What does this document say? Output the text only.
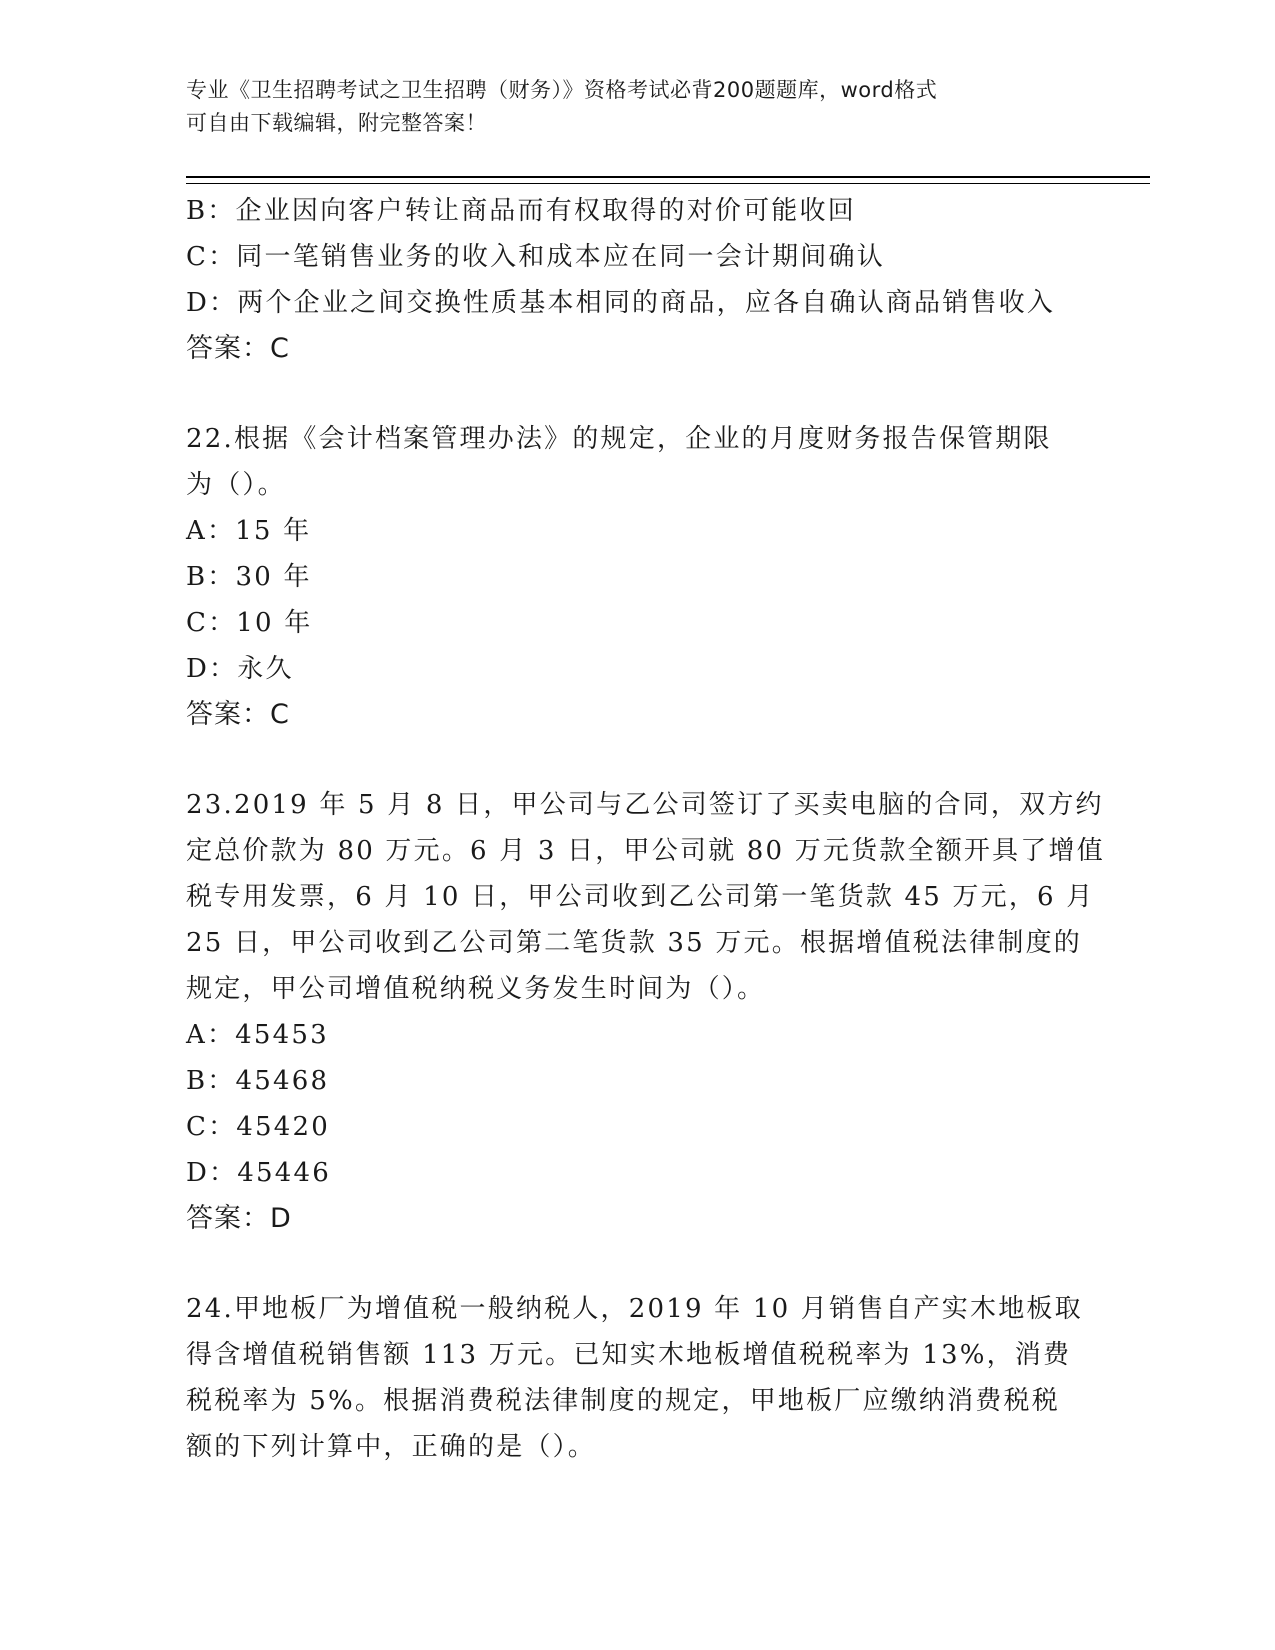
专业《卫生招聘考试之卫生招聘（财务）》资格考试必背200题题库，word格式
可自由下载编辑，附完整答案！
B：企业因向客户转让商品而有权取得的对价可能收回
C：同一笔销售业务的收入和成本应在同一会计期间确认
D：两个企业之间交换性质基本相同的商品，应各自确认商品销售收入
答案：C
22.根据《会计档案管理办法》的规定，企业的月度财务报告保管期限
为（）。
A：15 年
B：30 年
C：10 年
D：永久
答案：C
23.2019 年 5 月 8 日，甲公司与乙公司签订了买卖电脑的合同，双方约
定总价款为 80 万元。6 月 3 日，甲公司就 80 万元货款全额开具了增值
税专用发票，6 月 10 日，甲公司收到乙公司第一笔货款 45 万元，6 月
25 日，甲公司收到乙公司第二笔货款 35 万元。根据增值税法律制度的
规定，甲公司增值税纳税义务发生时间为（）。
A：45453
B：45468
C：45420
D：45446
答案：D
24.甲地板厂为增值税一般纳税人，2019 年 10 月销售自产实木地板取
得含增值税销售额 113 万元。已知实木地板增值税税率为 13%，消费
税税率为 5%。根据消费税法律制度的规定，甲地板厂应缴纳消费税税
额的下列计算中，正确的是（）。
